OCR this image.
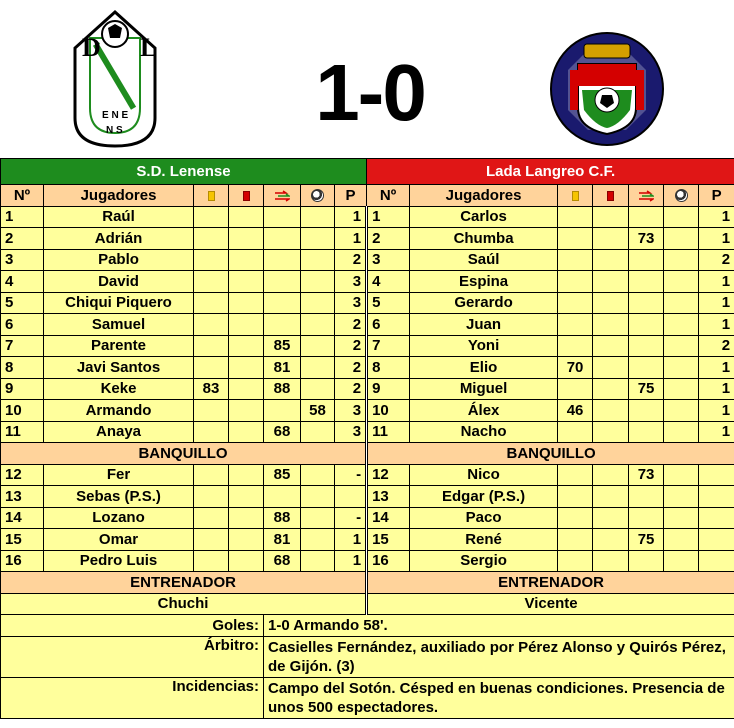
D L
E N E
N S 1-0
S.D. Lenense							Lada Langreo C.F.						
Nº	Jugadores					P	Nº	Jugadores					P
1	Raúl					1	1	Carlos					1
2	Adrián					1	2	Chumba			73		1
3	Pablo					2	3	Saúl					2
4	David					3	4	Espina					1
5	Chiqui Piquero					3	5	Gerardo					1
6	Samuel					2	6	Juan					1
7	Parente			85		2	7	Yoni					2
8	Javi Santos			81		2	8	Elio	70				1
9	Keke	83		88		2	9	Miguel			75		1
10	Armando				58	3	10	Álex	46				1
11	Anaya			68		3	11	Nacho					1
BANQUILLO							BANQUILLO						
12	Fer			85		-	12	Nico			73		
13	Sebas (P.S.)						13	Edgar (P.S.)					
14	Lozano			88		-	14	Paco					
15	Omar			81		1	15	René			75		
16	Pedro Luis			68		1	16	Sergio					
ENTRENADOR							ENTRENADOR						
Chuchi							Vicente						
Goles:				1-0 Armando 58'.									
Árbitro:				Casielles Fernández, auxiliado por Pérez Alonso y Quirós Pérez, de Gijón. (3)									
Incidencias:				Campo del Sotón. Césped en buenas condiciones. Presencia de unos 500 espectadores.									
